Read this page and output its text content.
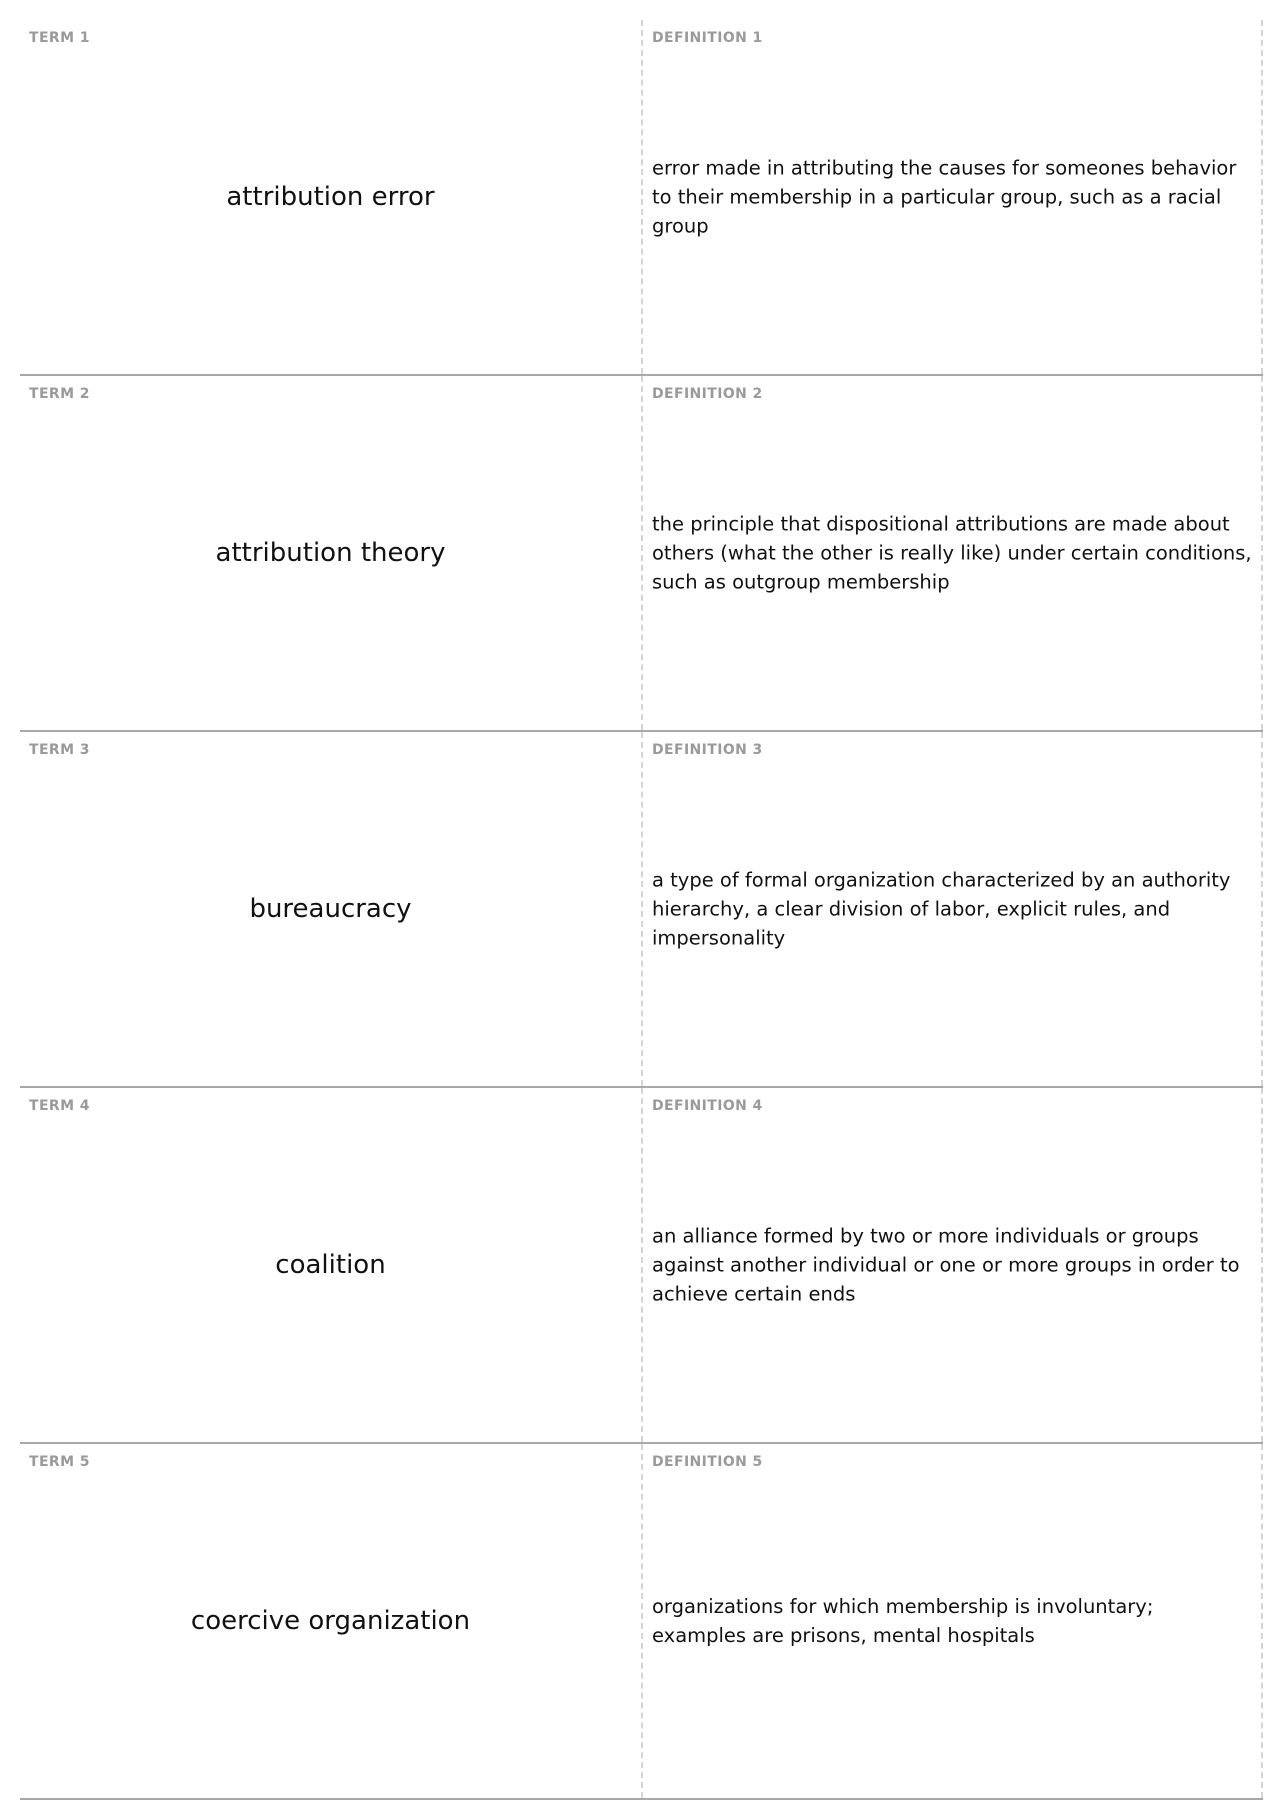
TERM 1
attribution error
DEFINITION 1
error made in attributing the causes for someones behavior to their membership in a particular group, such as a racial group
TERM 2
attribution theory
DEFINITION 2
the principle that dispositional attributions are made about others (what the other is really like) under certain conditions, such as outgroup membership
TERM 3
bureaucracy
DEFINITION 3
a type of formal organization characterized by an authority hierarchy, a clear division of labor, explicit rules, and impersonality
TERM 4
coalition
DEFINITION 4
an alliance formed by two or more individuals or groups against another individual or one or more groups in order to achieve certain ends
TERM 5
coercive organization
DEFINITION 5
organizations for which membership is involuntary; examples are prisons, mental hospitals
